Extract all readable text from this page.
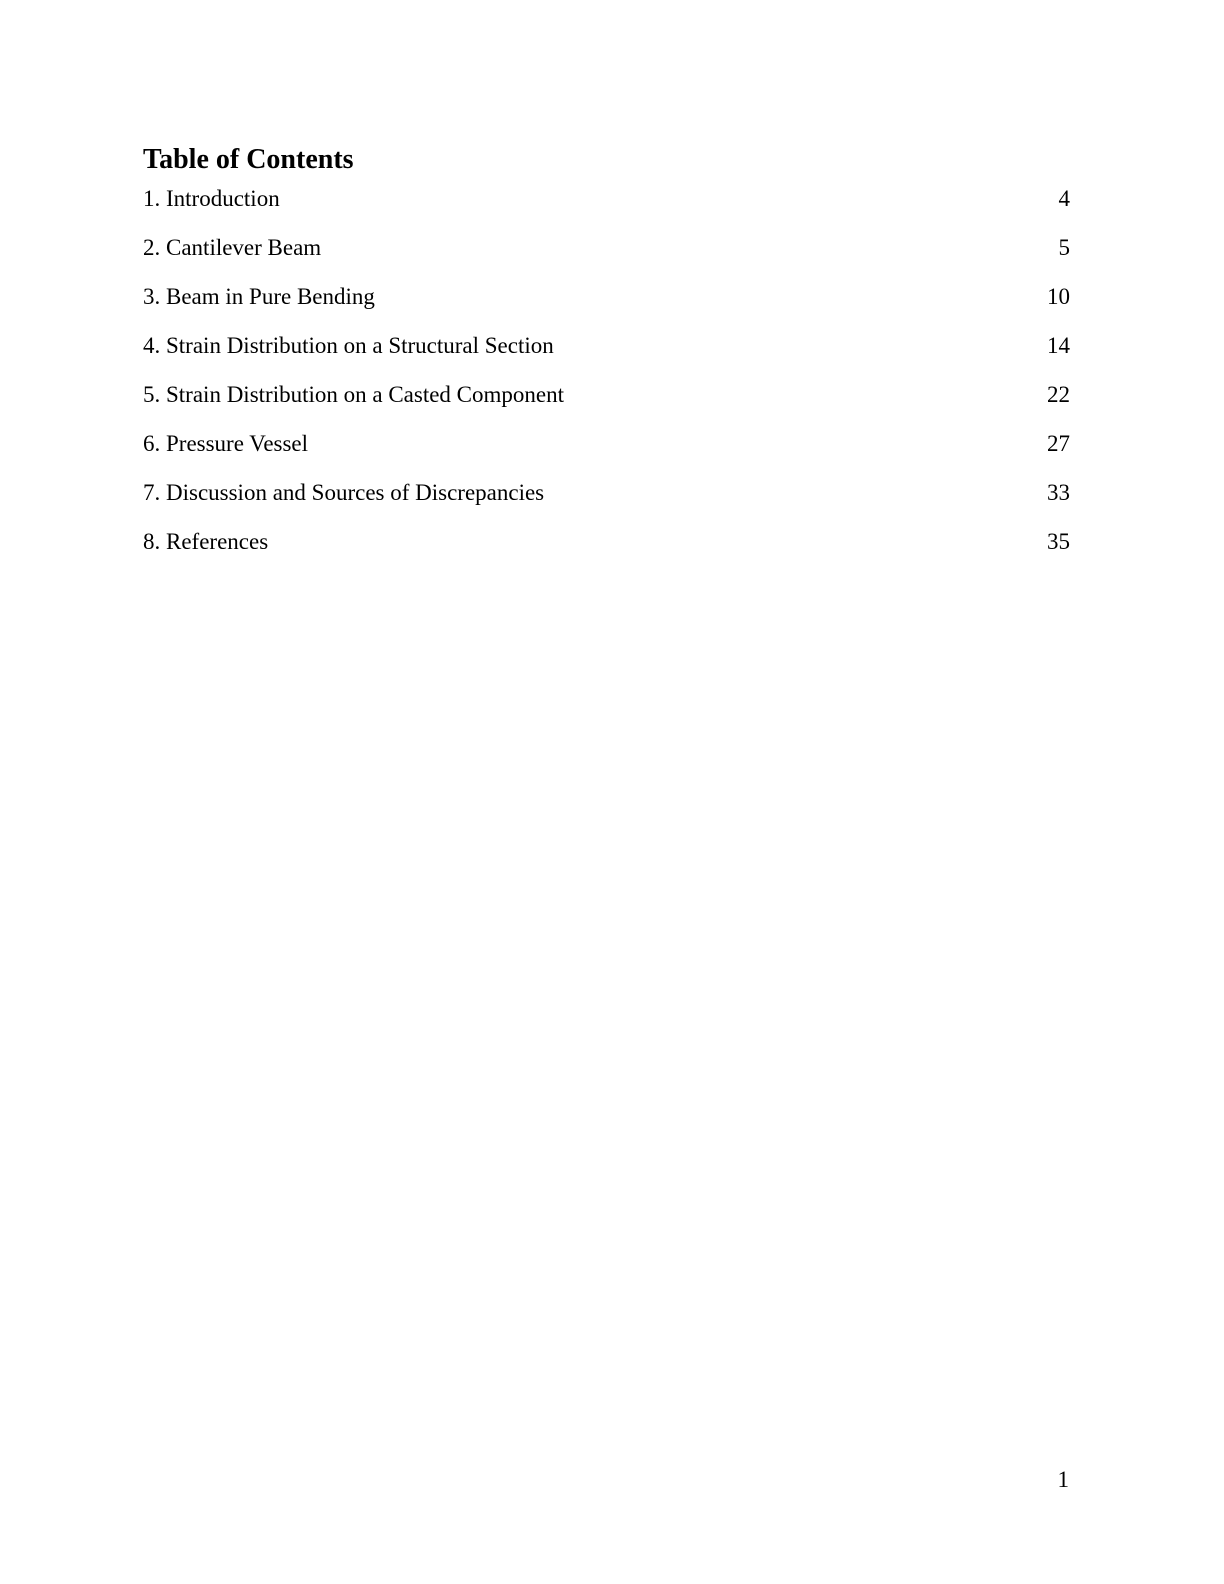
Table of Contents
1. Introduction	4
2. Cantilever Beam	5
3. Beam in Pure Bending	10
4. Strain Distribution on a Structural Section	14
5. Strain Distribution on a Casted Component	22
6. Pressure Vessel	27
7. Discussion and Sources of Discrepancies	33
8. References	35
1
